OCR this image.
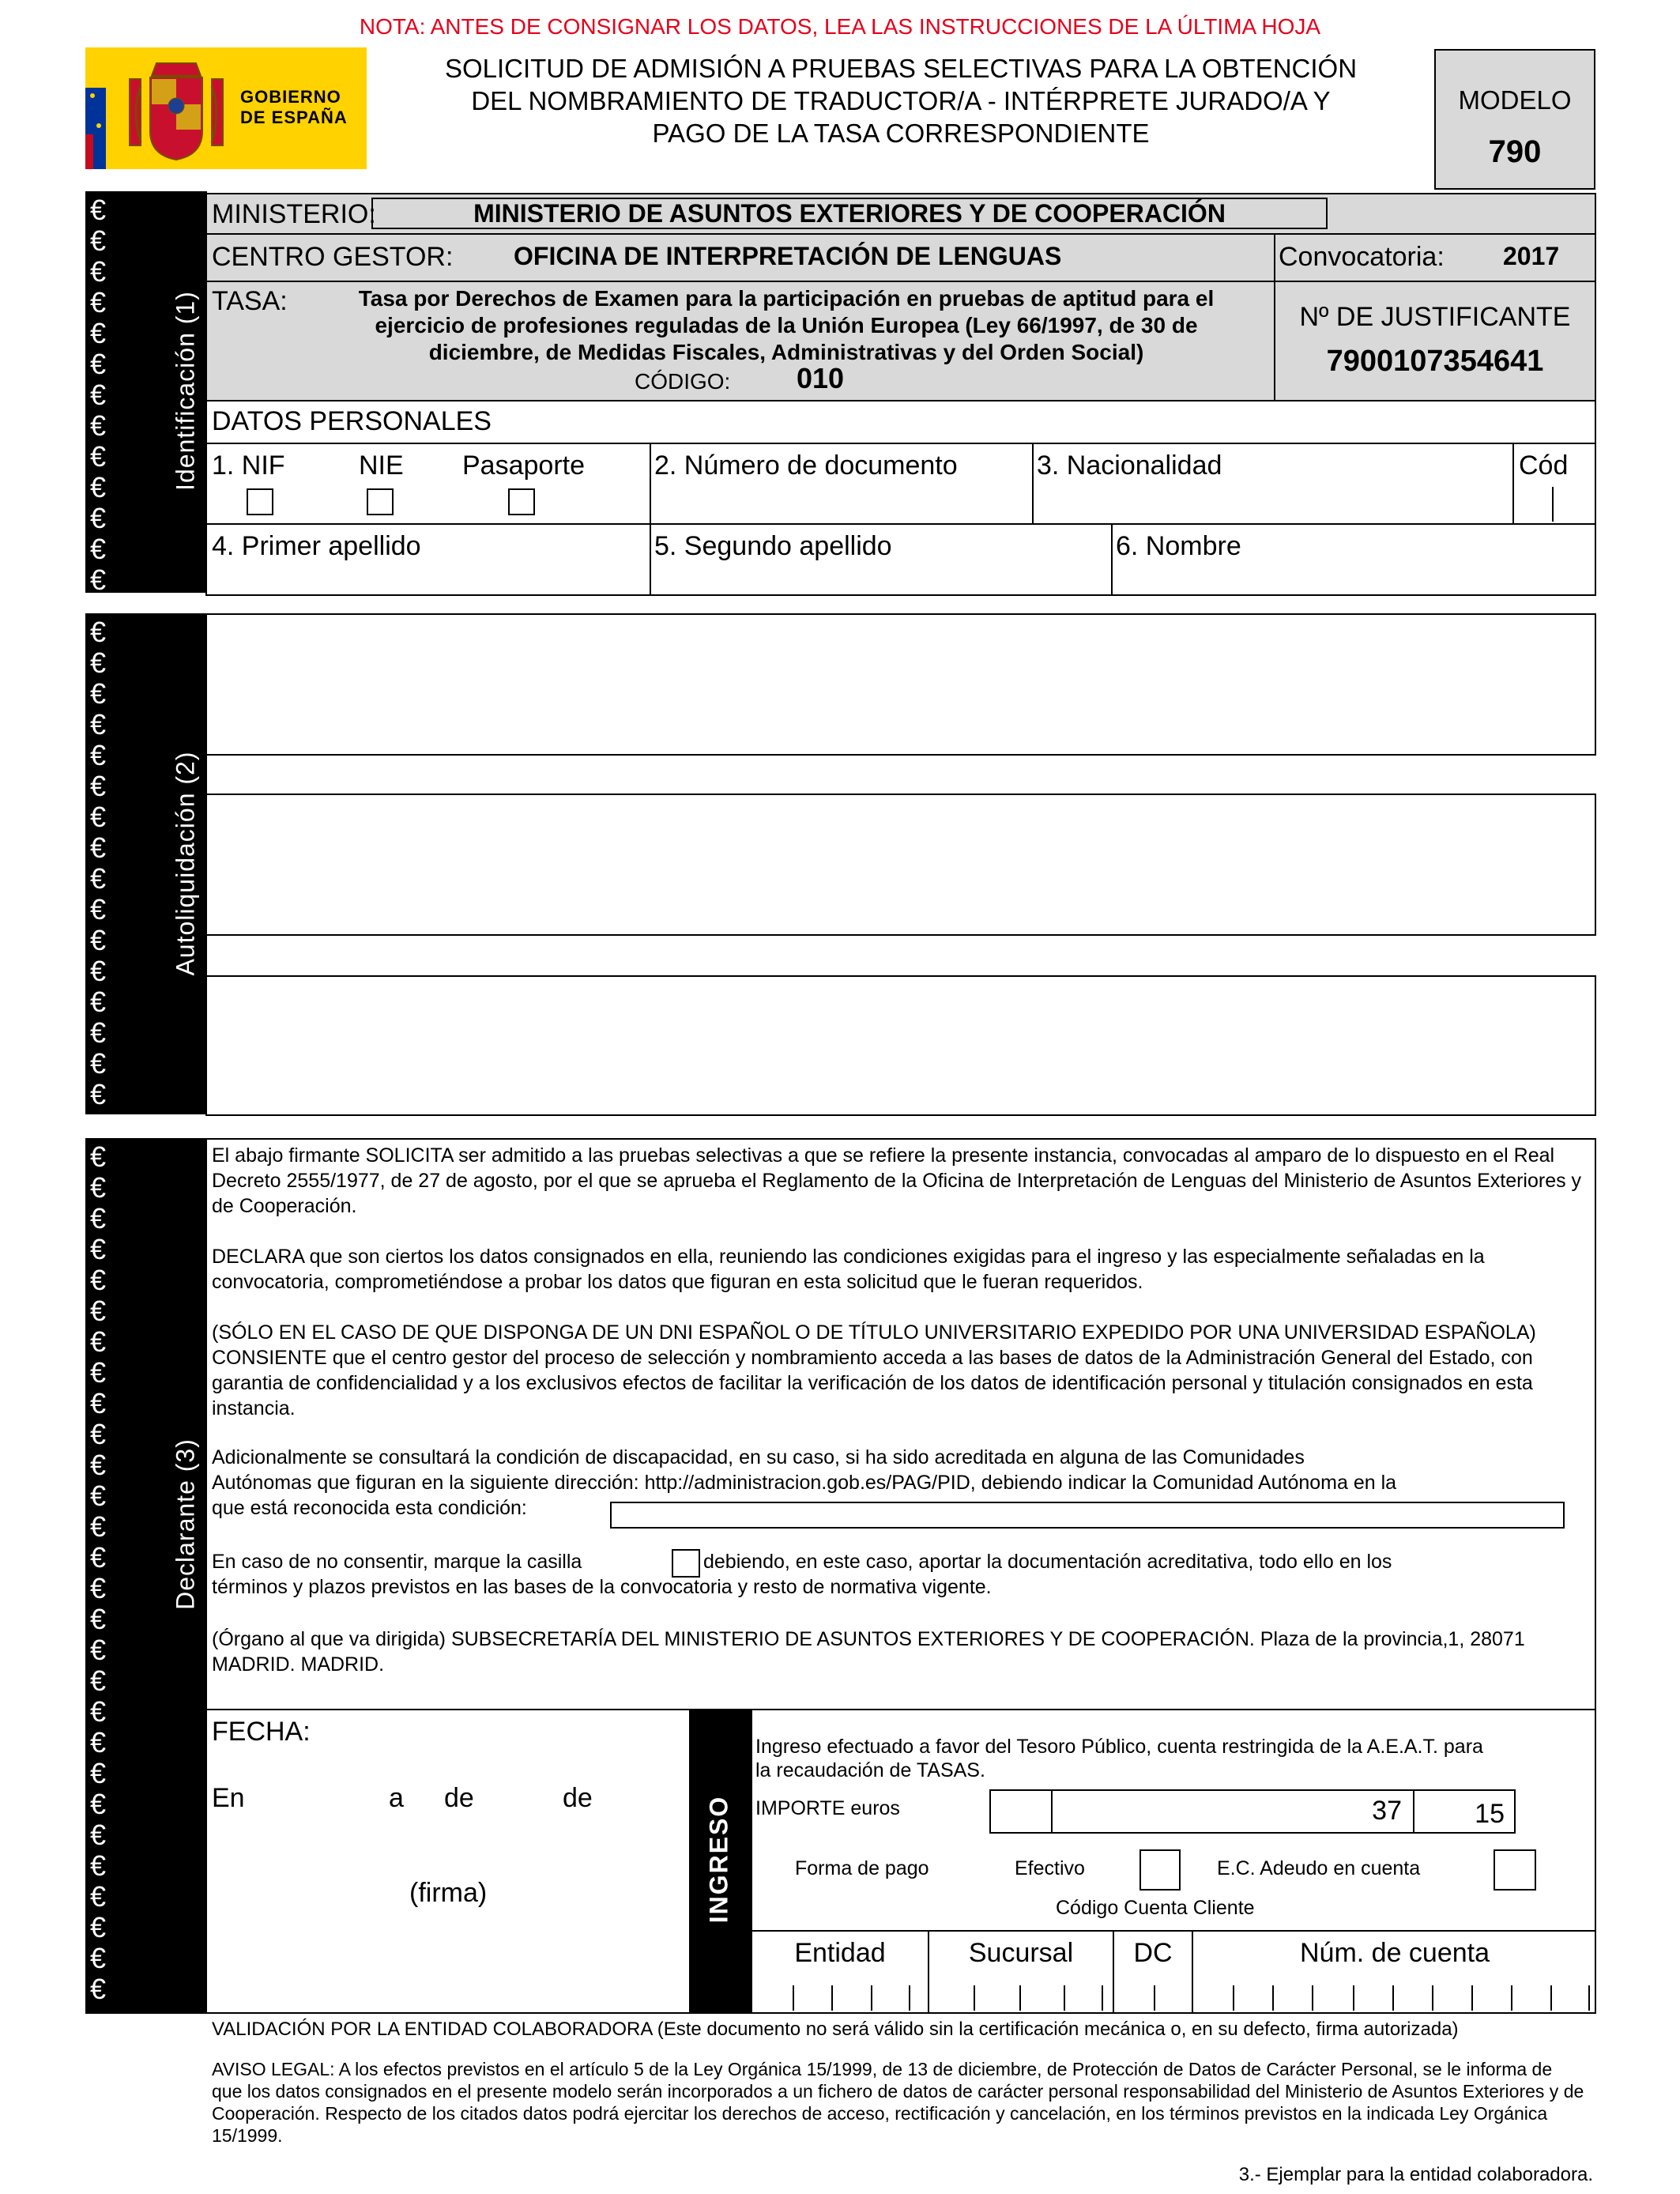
NOTA: ANTES DE CONSIGNAR LOS DATOS, LEA LAS INSTRUCCIONES DE LA ÚLTIMA HOJA
GOBIERNO
DE ESPAÑA
SOLICITUD DE ADMISIÓN A PRUEBAS SELECTIVAS PARA LA OBTENCIÓN
DEL NOMBRAMIENTO DE TRADUCTOR/A - INTÉRPRETE JURADO/A Y
PAGO DE LA TASA CORRESPONDIENTE
MODELO
790
€
€
€
€
€
€
€
€
€
€
€
€
€
Identificación (1)
MINISTERIO:	MINISTERIO DE ASUNTOS EXTERIORES Y DE COOPERACIÓN
CENTRO GESTOR: OFICINA DE INTERPRETACIÓN DE LENGUAS	Convocatoria: 2017
TASA:	Tasa por Derechos de Examen para la participación en pruebas de aptitud para el
ejercicio de profesiones reguladas de la Unión Europea (Ley 66/1997, de 30 de
diciembre, de Medidas Fiscales, Administrativas y del Orden Social)
CÓDIGO: 010
Nº DE JUSTIFICANTE
7900107354641
DATOS PERSONALES
1. NIF	NIE Pasaporte	2. Número de documento	3. Nacionalidad	Cód
4. Primer apellido	5. Segundo apellido	6. Nombre
€
€
€
€
€
€
€
€
€
€
€
€
€
€
€
€
Autoliquidación (2)
€
€
€
€
€
€
€
€
€
€
€
€
€
€
€
€
€
€
€
€
€
€
€
€
€
€
€
€
Declarante (3)

El abajo firmante SOLICITA ser admitido a las pruebas selectivas a que se refiere la presente instancia, convocadas al amparo de lo dispuesto en el Real Decreto 2555/1977, de 27 de agosto, por el que se aprueba el Reglamento de la Oficina de Interpretación de Lenguas del Ministerio de Asuntos Exteriores y de Cooperación.

DECLARA que son ciertos los datos consignados en ella, reuniendo las condiciones exigidas para el ingreso y las especialmente señaladas en la convocatoria, comprometiéndose a probar los datos que figuran en esta solicitud que le fueran requeridos.

(SÓLO EN EL CASO DE QUE DISPONGA DE UN DNI ESPAÑOL O DE TÍTULO UNIVERSITARIO EXPEDIDO POR UNA UNIVERSIDAD ESPAÑOLA) CONSIENTE que el centro gestor del proceso de selección y nombramiento acceda a las bases de datos de la Administración General del Estado, con garantia de confidencialidad y a los exclusivos efectos de facilitar la verificación de los datos de identificación personal y titulación consignados en esta instancia.

Adicionalmente se consultará la condición de discapacidad, en su caso, si ha sido acreditada en alguna de las Comunidades
Autónomas que figuran en la siguiente dirección: http://administracion.gob.es/PAG/PID, debiendo indicar la Comunidad Autónoma en la
que está reconocida esta condición:
En caso de no consentir, marque la casilla	debiendo, en este caso, aportar la documentación acreditativa, todo ello en los
términos y plazos previstos en las bases de la convocatoria y resto de normativa vigente.

(Órgano al que va dirigida) SUBSECRETARÍA DEL MINISTERIO DE ASUNTOS EXTERIORES Y DE COOPERACIÓN. Plaza de la provincia,1, 28071 MADRID. MADRID.

FECHA:
En	a de	de
(firma)	INGRESO
Ingreso efectuado a favor del Tesoro Público, cuenta restringida de la A.E.A.T. para
la recaudación de TASAS.
IMPORTE euros	37	15
Forma de pago	Efectivo	E.C. Adeudo en cuenta
Código Cuenta Cliente
Entidad	Sucursal	DC	Núm. de cuenta
VALIDACIÓN POR LA ENTIDAD COLABORADORA (Este documento no será válido sin la certificación mecánica o, en su defecto, firma autorizada)
AVISO LEGAL: A los efectos previstos en el artículo 5 de la Ley Orgánica 15/1999, de 13 de diciembre, de Protección de Datos de Carácter Personal, se le informa de que los datos consignados en el presente modelo serán incorporados a un fichero de datos de carácter personal responsabilidad del Ministerio de Asuntos Exteriores y de Cooperación. Respecto de los citados datos podrá ejercitar los derechos de acceso, rectificación y cancelación, en los términos previstos en la indicada Ley Orgánica 15/1999.
3.- Ejemplar para la entidad colaboradora.
